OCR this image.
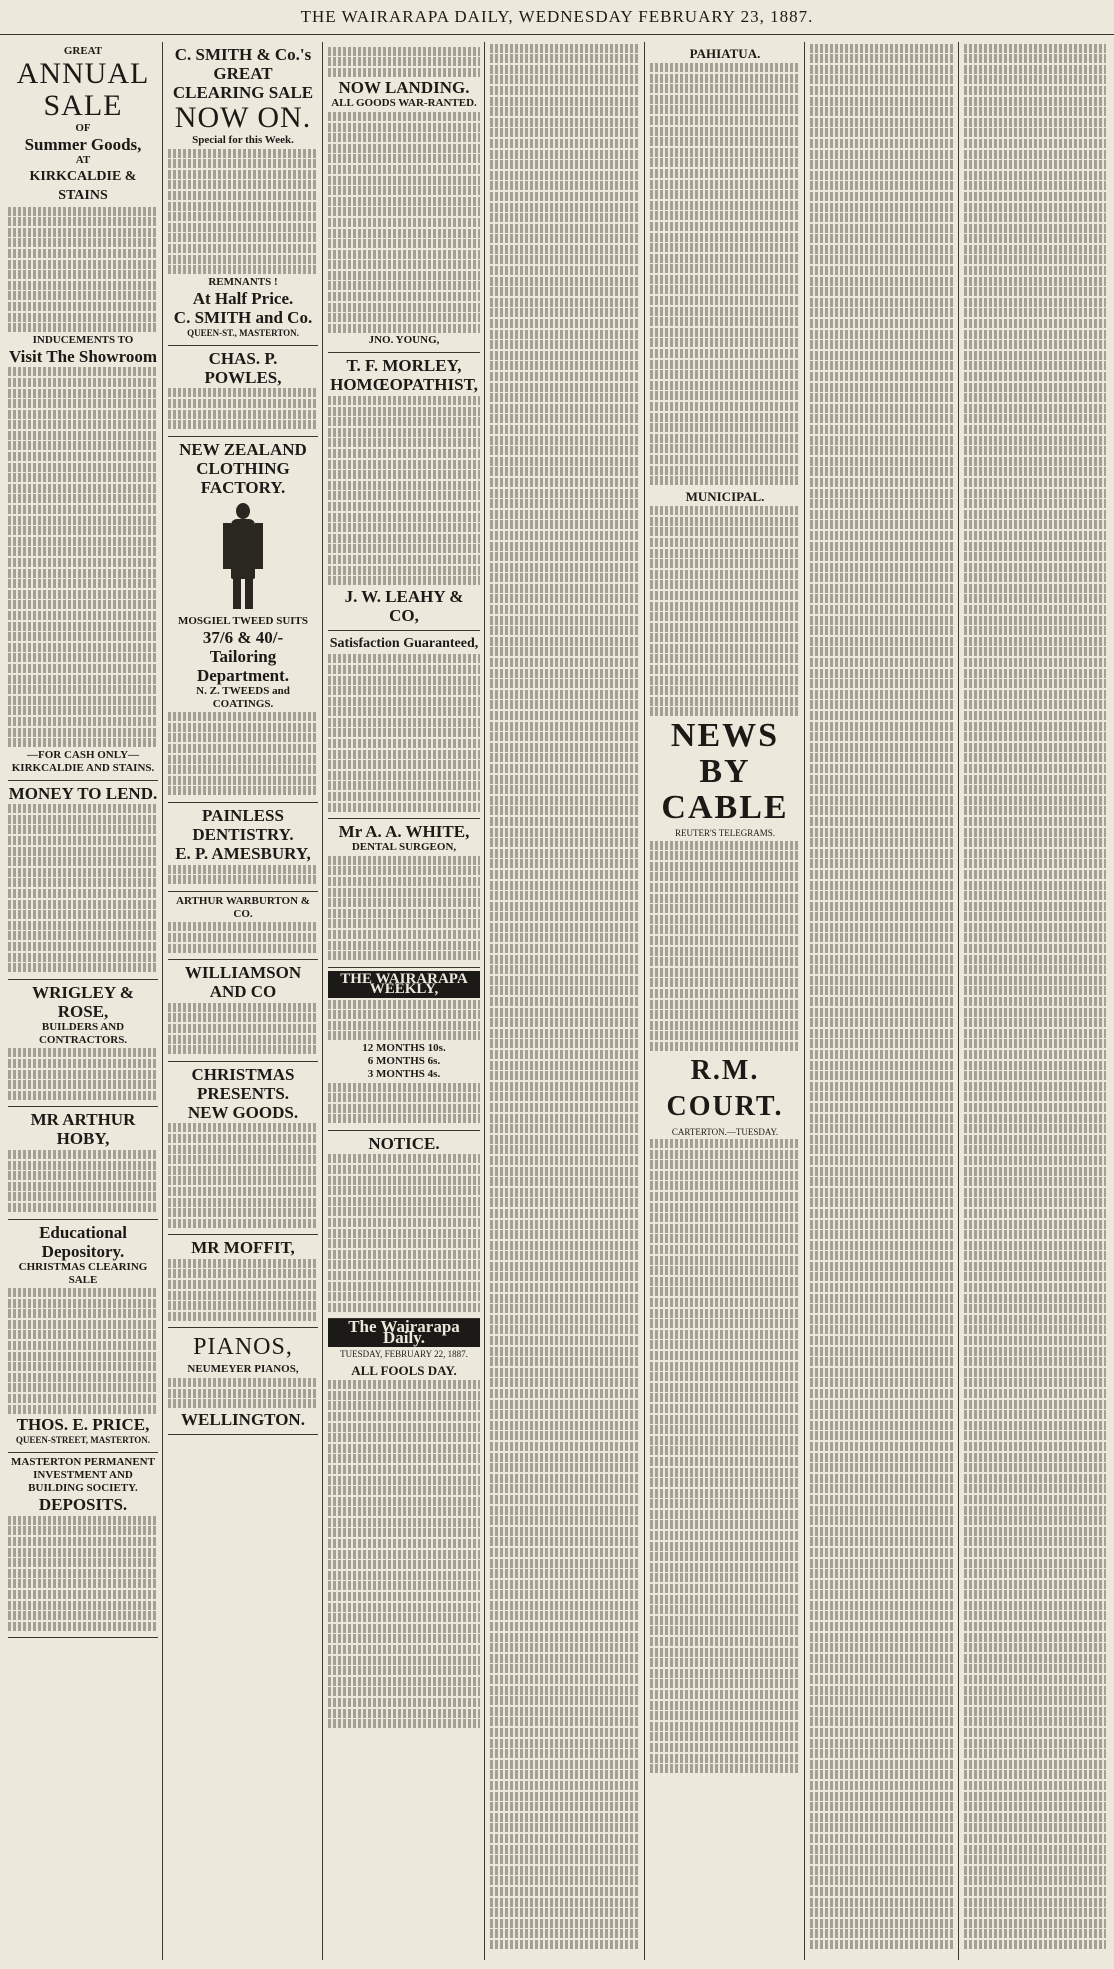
THE WAIRARAPA DAILY, WEDNESDAY FEBRUARY 23, 1887.
GREAT
ANNUAL SALE
OF
Summer Goods,
AT
KIRKCALDIE & STAINS
INDUCEMENTS TO
Visit The Showroom
—FOR CASH ONLY—
KIRKCALDIE AND STAINS.
MONEY TO LEND.
WRIGLEY & ROSE,
BUILDERS AND CONTRACTORS.
MR ARTHUR HOBY,
Educational Depository.
CHRISTMAS CLEARING SALE
THOS. E. PRICE,
QUEEN-STREET, MASTERTON.
MASTERTON PERMANENT INVESTMENT AND BUILDING SOCIETY.
DEPOSITS.
C. SMITH & Co.'s
GREAT
CLEARING SALE
NOW ON.
Special for this Week.
REMNANTS !
At Half Price.
C. SMITH and Co.
QUEEN-ST., MASTERTON.
CHAS. P. POWLES,
NEW ZEALAND
CLOTHING FACTORY.
MOSGIEL TWEED SUITS
37/6 & 40/-
Tailoring Department.
N. Z. TWEEDS and COATINGS.
PAINLESS DENTISTRY.
E. P. AMESBURY,
ARTHUR WARBURTON & CO.
WILLIAMSON AND CO
CHRISTMAS PRESENTS.
NEW GOODS.
MR MOFFIT,
PIANOS,
NEUMEYER PIANOS,
WELLINGTON.
NOW LANDING.
ALL GOODS WAR-RANTED.
JNO. YOUNG,
T. F. MORLEY,
HOMŒOPATHIST,
J. W. LEAHY & CO,
Satisfaction Guaranteed,
Mr A. A. WHITE,
DENTAL SURGEON,
THE WAIRARAPA WEEKLY,
12 MONTHS 10s.
6 MONTHS 6s.
3 MONTHS 4s.
NOTICE.
The Wairarapa Daily.
TUESDAY, FEBRUARY 22, 1887.
ALL FOOLS DAY.
PAHIATUA.
MUNICIPAL.
NEWS BY CABLE
REUTER'S TELEGRAMS.
R.M. COURT.
CARTERTON.—TUESDAY.
